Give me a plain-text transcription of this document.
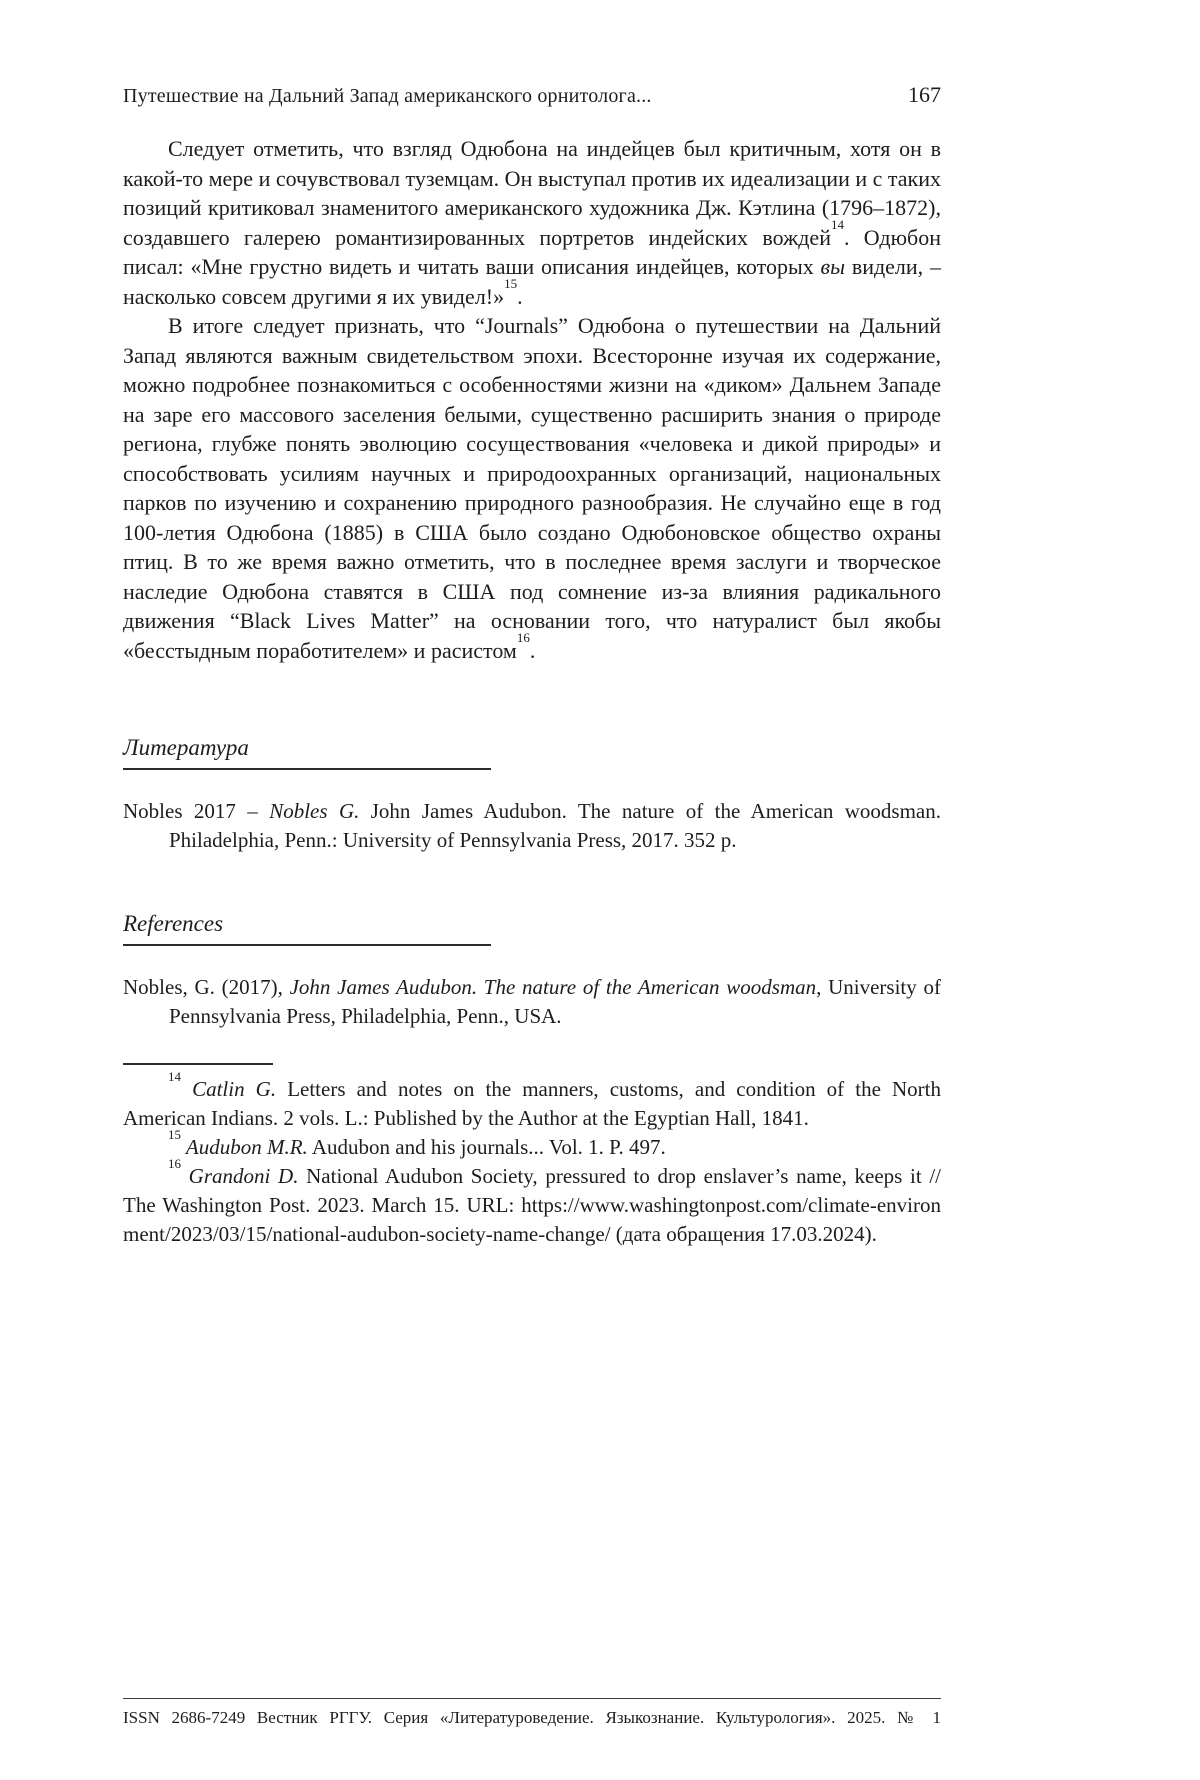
Путешествие на Дальний Запад американского орнитолога...	167

Следует отметить, что взгляд Одюбона на индейцев был критичным, хотя он в какой-то мере и сочувствовал туземцам. Он выступал против их идеализации и с таких позиций критиковал знаменитого американского художника Дж. Кэтлина (1796–1872), создавшего галерею романтизированных портретов индейских вождей$^{14}$. Одюбон писал: «Мне грустно видеть и читать ваши описания индейцев, которых вы видели, – насколько совсем другими я их увидел!»$^{15}$.

В итоге следует признать, что “Journals” Одюбона о путешествии на Дальний Запад являются важным свидетельством эпохи. Всесторонне изучая их содержание, можно подробнее познакомиться с особенностями жизни на «диком» Дальнем Западе на заре его массового заселения белыми, существенно расширить знания о природе региона, глубже понять эволюцию сосуществования «человека и дикой природы» и способствовать усилиям научных и природоохранных организаций, национальных парков по изучению и сохранению природного разнообразия. Не случайно еще в год 100-летия Одюбона (1885) в США было создано Одюбоновское общество охраны птиц. В то же время важно отметить, что в последнее время заслуги и творческое наследие Одюбона ставятся в США под сомнение из-за влияния радикального движения “Black Lives Matter” на основании того, что натуралист был якобы «бесстыдным поработителем» и расистом$^{16}$.

Литература

Nobles 2017 – Nobles G. John James Audubon. The nature of the American woodsman. Philadelphia, Penn.: University of Pennsylvania Press, 2017. 352 p.

References

Nobles, G. (2017), John James Audubon. The nature of the American woodsman, University of Pennsylvania Press, Philadelphia, Penn., USA.

$^{14}$ Catlin G. Letters and notes on the manners, customs, and condition of the North American Indians. 2 vols. L.: Published by the Author at the Egyptian Hall, 1841.

$^{15}$ Audubon M.R. Audubon and his journals... Vol. 1. P. 497.

$^{16}$ Grandoni D. National Audubon Society, pressured to drop enslaver’s name, keeps it // The Washington Post. 2023. March 15. URL: https://www.washingtonpost.com/climate-environment/2023/03/15/national-audubon-society-name-change/ (дата обращения 17.03.2024).

ISSN 2686-7249 Вестник РГГУ. Серия «Литературоведение. Языкознание. Культурология». 2025. № 1
